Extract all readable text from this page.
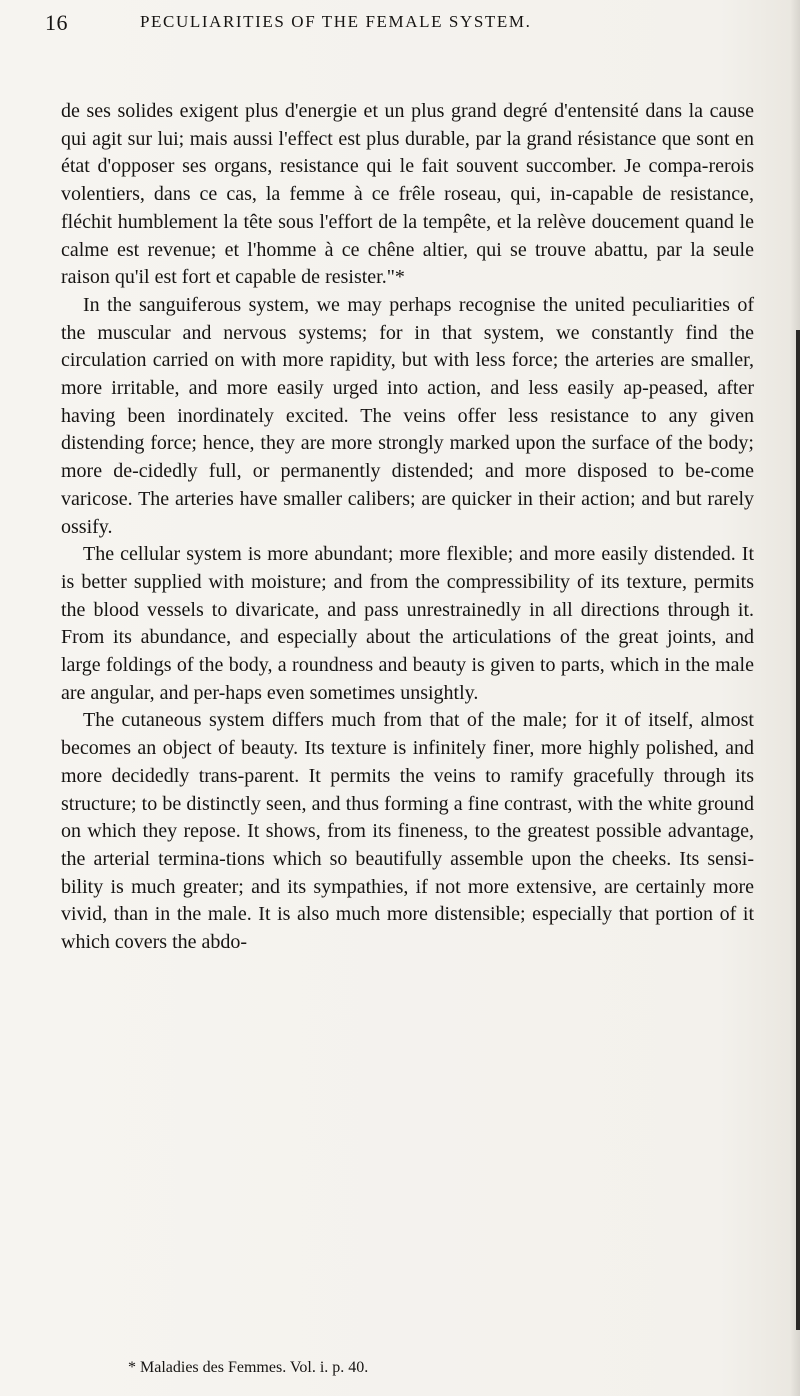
16	PECULIARITIES OF THE FEMALE SYSTEM.

de ses solides exigent plus d'energie et un plus grand degré d'entensité dans la cause qui agit sur lui; mais aussi l'effect est plus durable, par la grand résistance que sont en état d'opposer ses organs, resistance qui le fait souvent succomber. Je compa-rerois volentiers, dans ce cas, la femme à ce frêle roseau, qui, in-capable de resistance, fléchit humblement la tête sous l'effort de la tempête, et la relève doucement quand le calme est revenue; et l'homme à ce chêne altier, qui se trouve abattu, par la seule raison qu'il est fort et capable de resister."*

In the sanguiferous system, we may perhaps recognise the united peculiarities of the muscular and nervous systems; for in that system, we constantly find the circulation carried on with more rapidity, but with less force; the arteries are smaller, more irritable, and more easily urged into action, and less easily ap-peased, after having been inordinately excited. The veins offer less resistance to any given distending force; hence, they are more strongly marked upon the surface of the body; more de-cidedly full, or permanently distended; and more disposed to be-come varicose. The arteries have smaller calibers; are quicker in their action; and but rarely ossify.

The cellular system is more abundant; more flexible; and more easily distended. It is better supplied with moisture; and from the compressibility of its texture, permits the blood vessels to divaricate, and pass unrestrainedly in all directions through it. From its abundance, and especially about the articulations of the great joints, and large foldings of the body, a roundness and beauty is given to parts, which in the male are angular, and per-haps even sometimes unsightly.

The cutaneous system differs much from that of the male; for it of itself, almost becomes an object of beauty. Its texture is infinitely finer, more highly polished, and more decidedly trans-parent. It permits the veins to ramify gracefully through its structure; to be distinctly seen, and thus forming a fine contrast, with the white ground on which they repose. It shows, from its fineness, to the greatest possible advantage, the arterial termina-tions which so beautifully assemble upon the cheeks. Its sensi-bility is much greater; and its sympathies, if not more extensive, are certainly more vivid, than in the male. It is also much more distensible; especially that portion of it which covers the abdo-

* Maladies des Femmes. Vol. i. p. 40.
